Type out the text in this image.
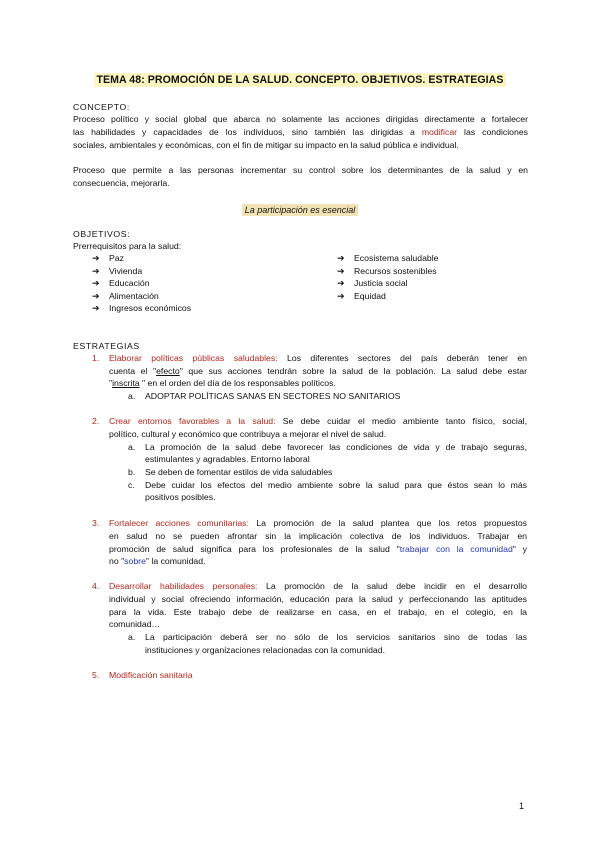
TEMA 48: PROMOCIÓN DE LA SALUD. CONCEPTO. OBJETIVOS. ESTRATEGIAS
CONCEPTO:
Proceso político y social global que abarca no solamente las acciones dirigidas directamente a fortalecer
las habilidades y capacidades de los individuos, sino también las dirigidas a modificar las condiciones
sociales, ambientales y económicas, con el fin de mitigar su impacto en la salud pública e individual.
Proceso que permite a las personas incrementar su control sobre los determinantes de la salud y en
consecuencia, mejorarla.
La participación es esencial
OBJETIVOS:
Prerrequisitos para la salud:
➔ Paz
➔ Vivienda
➔ Educación
➔ Alimentación
➔ Ingresos económicos
➔ Ecosistema saludable
➔ Recursos sostenibles
➔ Justicia social
➔ Equidad
ESTRATEGIAS
1. Elaborar políticas públicas saludables: Los diferentes sectores del país deberán tener en
cuenta el "efecto" que sus acciones tendrán sobre la salud de la población. La salud debe estar
"inscrita " en el orden del día de los responsables políticos.
a. ADOPTAR POLÍTICAS SANAS EN SECTORES NO SANITARIOS
2. Crear entornos favorables a la salud: Se debe cuidar el medio ambiente tanto físico, social,
político, cultural y económico que contribuya a mejorar el nivel de salud.
a. La promoción de la salud debe favorecer las condiciones de vida y de trabajo seguras,
estimulantes y agradables. Entorno laboral
b. Se deben de fomentar estilos de vida saludables
c. Debe cuidar los efectos del medio ambiente sobre la salud para que éstos sean lo más
positivos posibles.
3. Fortalecer acciones comunitarias: La promoción de la salud plantea que los retos propuestos
en salud no se pueden afrontar sin la implicación colectiva de los individuos. Trabajar en
promoción de salud significa para los profesionales de la salud "trabajar con la comunidad" y
no "sobre" la comunidad.
4. Desarrollar habilidades personales: La promoción de la salud debe incidir en el desarrollo
individual y social ofreciendo información, educación para la salud y perfeccionando las aptitudes
para la vida. Este trabajo debe de realizarse en casa, en el trabajo, en el colegio, en la
comunidad…
a. La participación deberá ser no sólo de los servicios sanitarios sino de todas las
instituciones y organizaciones relacionadas con la comunidad.
5. Modificación sanitaria
1
